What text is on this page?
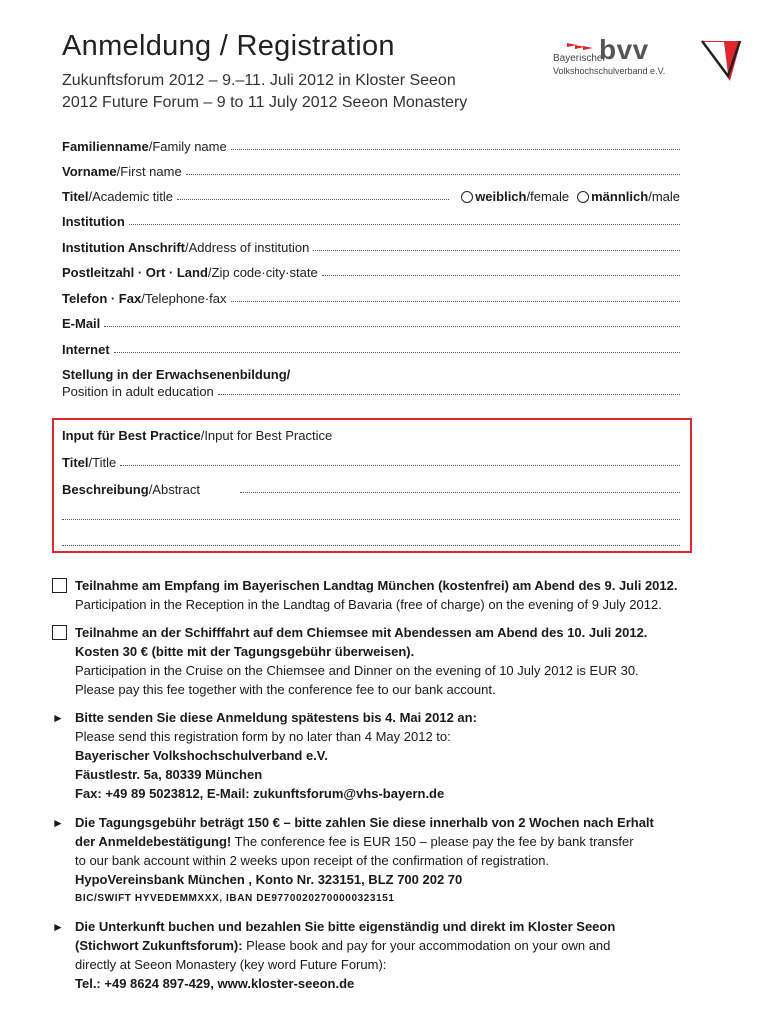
Anmeldung / Registration
Zukunftsforum 2012 – 9.–11. Juli 2012 in Kloster Seeon
2012 Future Forum – 9 to 11 July 2012 Seeon Monastery
Bayerischer
bvv
Volkshochschulverband e.V.
Familienname /Family name
Vorname /First name
Titel /Academic title	weiblich /female männlich /male
Institution
Institution Anschrift /Address of institution
Postleitzahl · Ort · Land /Zip code·city·state
Telefon · Fax /Telephone·fax
E-Mail
Internet
Stellung in der Erwachsenenbildung/
Position in adult education
Input für Best Practice /Input for Best Practice
Titel /Title
Beschreibung /Abstract
Teilnahme am Empfang im Bayerischen Landtag München (kostenfrei) am Abend des 9. Juli 2012.
Participation in the Reception in the Landtag of Bavaria (free of charge) on the evening of 9 July 2012.
Teilnahme an der Schifffahrt auf dem Chiemsee mit Abendessen am Abend des 10. Juli 2012.
Kosten 30 € (bitte mit der Tagungsgebühr überweisen).
Participation in the Cruise on the Chiemsee and Dinner on the evening of 10 July 2012 is EUR 30.
Please pay this fee together with the conference fee to our bank account.
► Bitte senden Sie diese Anmeldung spätestens bis 4. Mai 2012 an:
Please send this registration form by no later than 4 May 2012 to:
Bayerischer Volkshochschulverband e.V.
Fäustlestr. 5a, 80339 München
Fax: +49 89 5023812, E-Mail: zukunftsforum@vhs-bayern.de
► Die Tagungsgebühr beträgt 150 € – bitte zahlen Sie diese innerhalb von 2 Wochen nach Erhalt
der Anmeldebestätigung! The conference fee is EUR 150 – please pay the fee by bank transfer
to our bank account within 2 weeks upon receipt of the confirmation of registration.
HypoVereinsbank München , Konto Nr. 323151, BLZ 700 202 70
BIC/SWIFT HYVEDEMMXXX, IBAN DE97700202700000323151
► Die Unterkunft buchen und bezahlen Sie bitte eigenständig und direkt im Kloster Seeon
(Stichwort Zukunftsforum): Please book and pay for your accommodation on your own and
directly at Seeon Monastery (key word Future Forum):
Tel.: +49 8624 897-429, www.kloster-seeon.de
